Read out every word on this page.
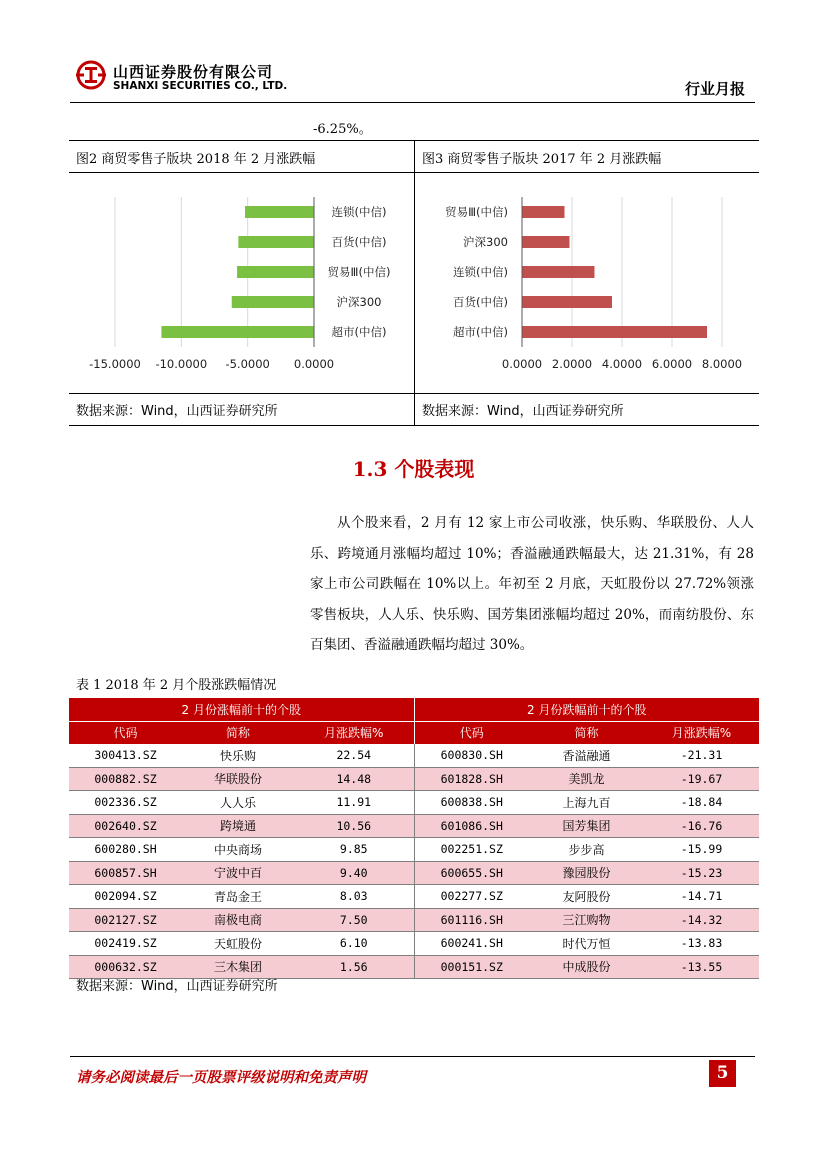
山西证券股份有限公司
SHANXI SECURITIES CO., LTD.	行业月报
-6.25%。
图2 商贸零售子版块 2018 年 2 月涨跌幅	图3 商贸零售子版块 2017 年 2 月涨跌幅
-15.0000 -10.0000 -5.0000 0.0000
连锁(中信)
百货(中信)
贸易Ⅲ(中信)
沪深300
超市(中信)
0.0000 2.0000 4.0000 6.0000 8.0000
贸易Ⅲ(中信)
沪深300
连锁(中信)
百货(中信)
超市(中信)
数据来源：Wind，山西证券研究所	数据来源：Wind，山西证券研究所
1.3 个股表现
从个股来看，2 月有 12 家上市公司收涨，快乐购、华联股份、人人乐、跨境通月涨幅均超过 10%；香溢融通跌幅最大，达 21.31%，有 28 家上市公司跌幅在 10%以上。年初至 2 月底，天虹股份以 27.72%领涨零售板块，人人乐、快乐购、国芳集团涨幅均超过 20%，而南纺股份、东百集团、香溢融通跌幅均超过 30%。
表 1 2018 年 2 月个股涨跌幅情况
2 月份涨幅前十的个股			2 月份跌幅前十的个股		
代码	简称	月涨跌幅%	代码	简称	月涨跌幅%
300413.SZ	快乐购	22.54	600830.SH	香溢融通	-21.31
000882.SZ	华联股份	14.48	601828.SH	美凯龙	-19.67
002336.SZ	人人乐	11.91	600838.SH	上海九百	-18.84
002640.SZ	跨境通	10.56	601086.SH	国芳集团	-16.76
600280.SH	中央商场	9.85	002251.SZ	步步高	-15.99
600857.SH	宁波中百	9.40	600655.SH	豫园股份	-15.23
002094.SZ	青岛金王	8.03	002277.SZ	友阿股份	-14.71
002127.SZ	南极电商	7.50	601116.SH	三江购物	-14.32
002419.SZ	天虹股份	6.10	600241.SH	时代万恒	-13.83
000632.SZ	三木集团	1.56	000151.SZ	中成股份	-13.55
数据来源：Wind，山西证券研究所
请务必阅读最后一页股票评级说明和免责声明	5
